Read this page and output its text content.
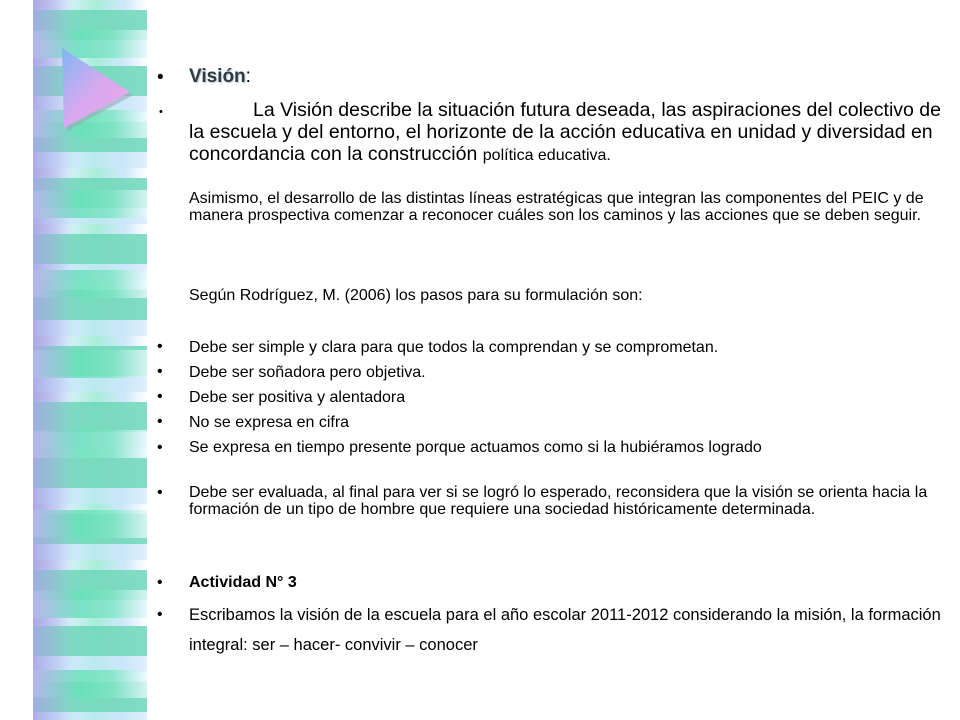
• Visión:
•	La Visión describe la situación futura deseada, las aspiraciones del colectivo de la escuela y del entorno, el horizonte de la acción educativa en unidad y diversidad en concordancia con la construcción política educativa.
Asimismo, el desarrollo de las distintas líneas estratégicas que integran las componentes del PEIC y de manera prospectiva comenzar a reconocer cuáles son los caminos y las acciones que se deben seguir.
Según Rodríguez, M. (2006) los pasos para su formulación son:
• Debe ser simple y clara para que todos la comprendan y se comprometan.
• Debe ser soñadora pero objetiva.
• Debe ser positiva y alentadora
• No se expresa en cifra
• Se expresa en tiempo presente porque actuamos como si la hubiéramos logrado
• Debe ser evaluada, al final para ver si se logró lo esperado, reconsidera que la visión se orienta hacia la formación de un tipo de hombre que requiere una sociedad históricamente determinada.
• Actividad N° 3
• Escribamos la visión de la escuela para el año escolar 2011-2012 considerando la misión, la formación integral: ser – hacer- convivir – conocer
